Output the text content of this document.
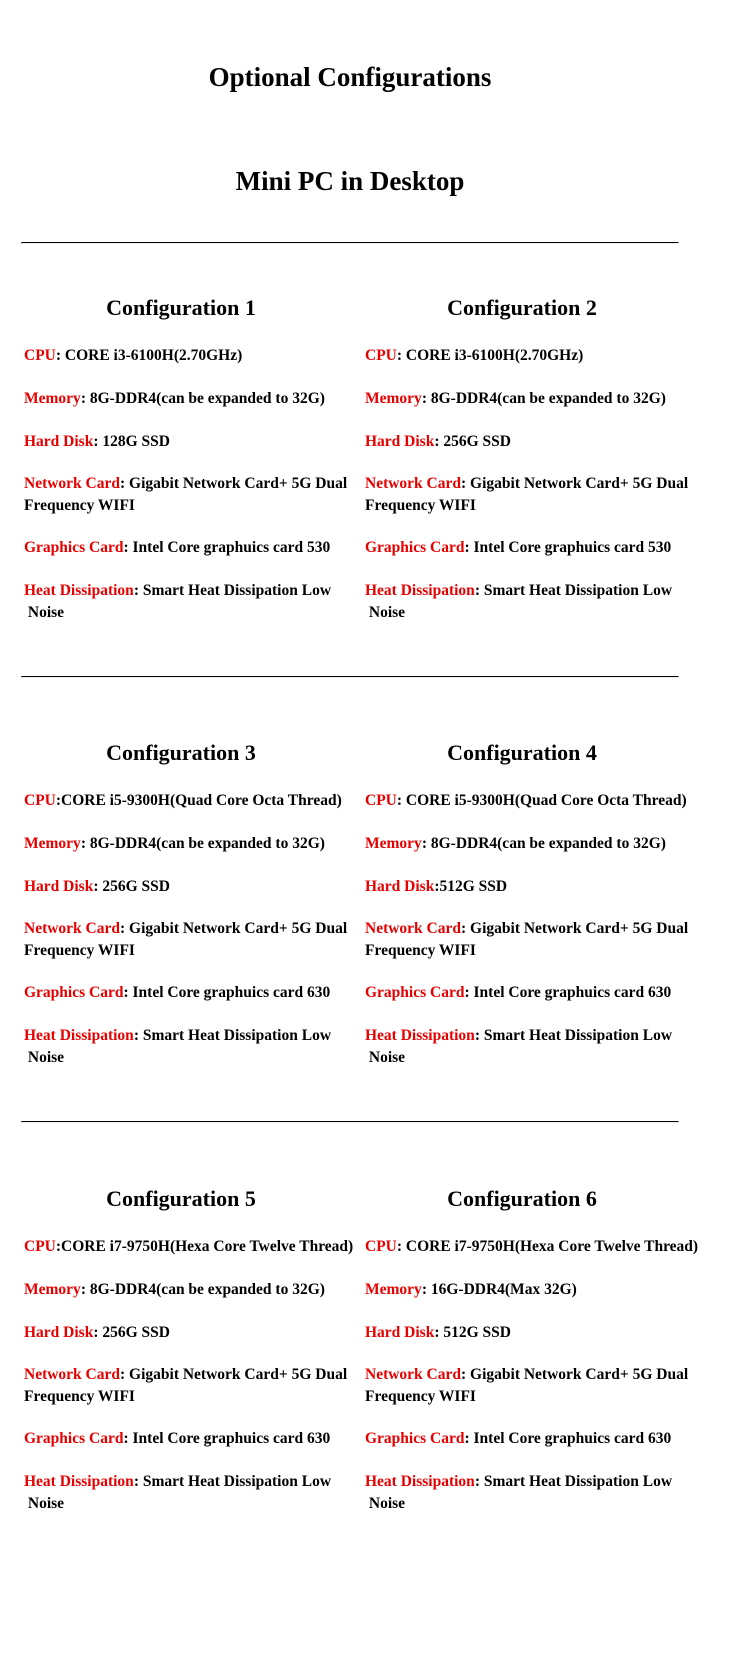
Optional Configurations
Mini PC in Desktop
Configuration 1
CPU: CORE i3-6100H(2.70GHz)
Memory: 8G-DDR4(can be expanded to 32G)
Hard Disk: 128G SSD
Network Card: Gigabit Network Card+ 5G Dual
Frequency WIFI
Graphics Card: Intel Core graphuics card 530
Heat Dissipation: Smart Heat Dissipation Low
Noise
Configuration 2
CPU: CORE i3-6100H(2.70GHz)
Memory: 8G-DDR4(can be expanded to 32G)
Hard Disk: 256G SSD
Network Card: Gigabit Network Card+ 5G Dual
Frequency WIFI
Graphics Card: Intel Core graphuics card 530
Heat Dissipation: Smart Heat Dissipation Low
Noise
Configuration 3
CPU:CORE i5-9300H(Quad Core Octa Thread)
Memory: 8G-DDR4(can be expanded to 32G)
Hard Disk: 256G SSD
Network Card: Gigabit Network Card+ 5G Dual
Frequency WIFI
Graphics Card: Intel Core graphuics card 630
Heat Dissipation: Smart Heat Dissipation Low
Noise
Configuration 4
CPU: CORE i5-9300H(Quad Core Octa Thread)
Memory: 8G-DDR4(can be expanded to 32G)
Hard Disk:512G SSD
Network Card: Gigabit Network Card+ 5G Dual
Frequency WIFI
Graphics Card: Intel Core graphuics card 630
Heat Dissipation: Smart Heat Dissipation Low
Noise
Configuration 5
CPU:CORE i7-9750H(Hexa Core Twelve Thread)
Memory: 8G-DDR4(can be expanded to 32G)
Hard Disk: 256G SSD
Network Card: Gigabit Network Card+ 5G Dual
Frequency WIFI
Graphics Card: Intel Core graphuics card 630
Heat Dissipation: Smart Heat Dissipation Low
Noise
Configuration 6
CPU: CORE i7-9750H(Hexa Core Twelve Thread)
Memory: 16G-DDR4(Max 32G)
Hard Disk: 512G SSD
Network Card: Gigabit Network Card+ 5G Dual
Frequency WIFI
Graphics Card: Intel Core graphuics card 630
Heat Dissipation: Smart Heat Dissipation Low
Noise
